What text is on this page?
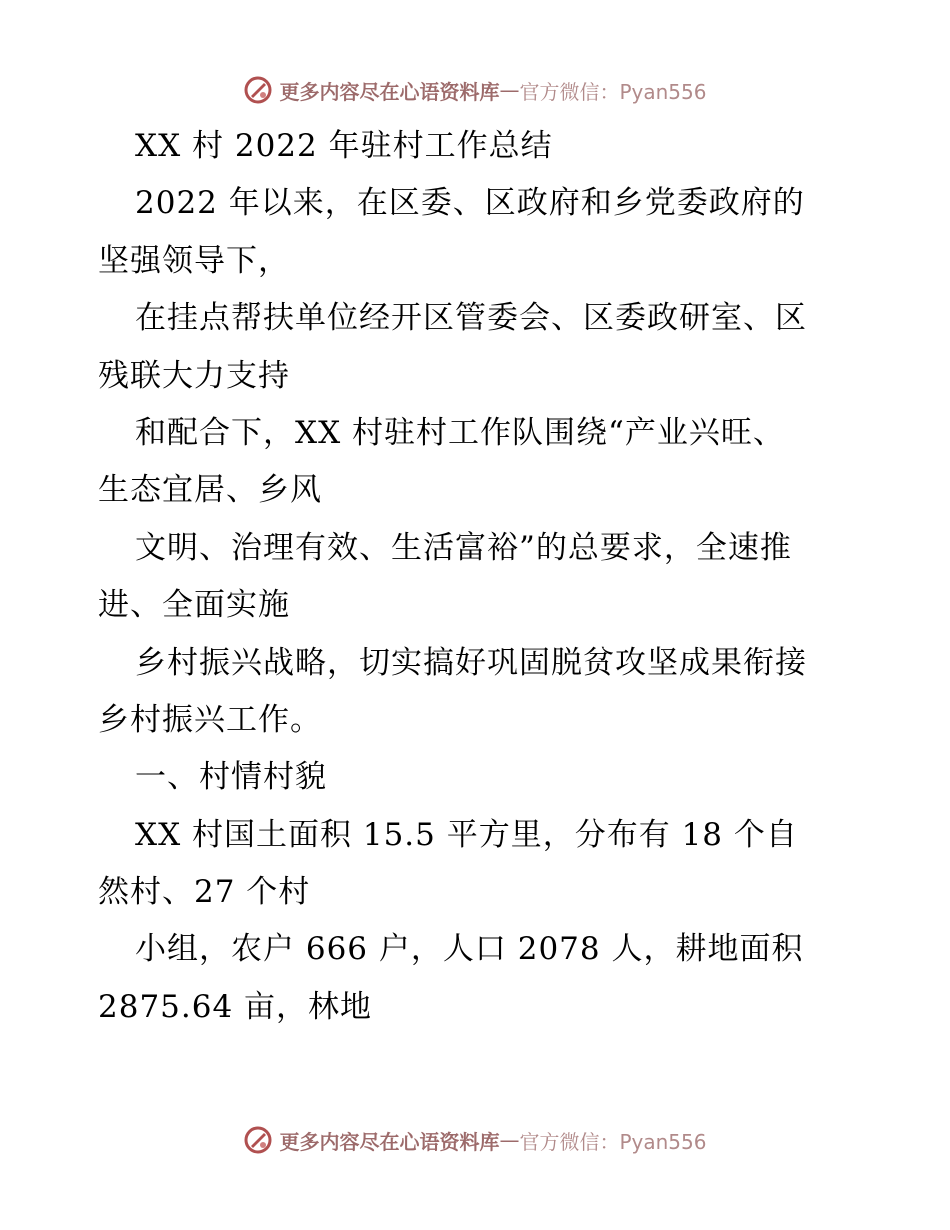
更多内容尽在心语资料库 — 官方微信：Pyan556
XX 村 2022 年驻村工作总结
2022 年以来，在区委、区政府和乡党委政府的
坚强领导下，
在挂点帮扶单位经开区管委会、区委政研室、区
残联大力支持
和配合下，XX 村驻村工作队围绕“产业兴旺、
生态宜居、乡风
文明、治理有效、生活富裕”的总要求，全速推
进、全面实施
乡村振兴战略，切实搞好巩固脱贫攻坚成果衔接
乡村振兴工作。
一、村情村貌
XX 村国土面积 15.5 平方里，分布有 18 个自
然村、27 个村
小组，农户 666 户，人口 2078 人，耕地面积
2875.64 亩，林地
更多内容尽在心语资料库 — 官方微信：Pyan556
